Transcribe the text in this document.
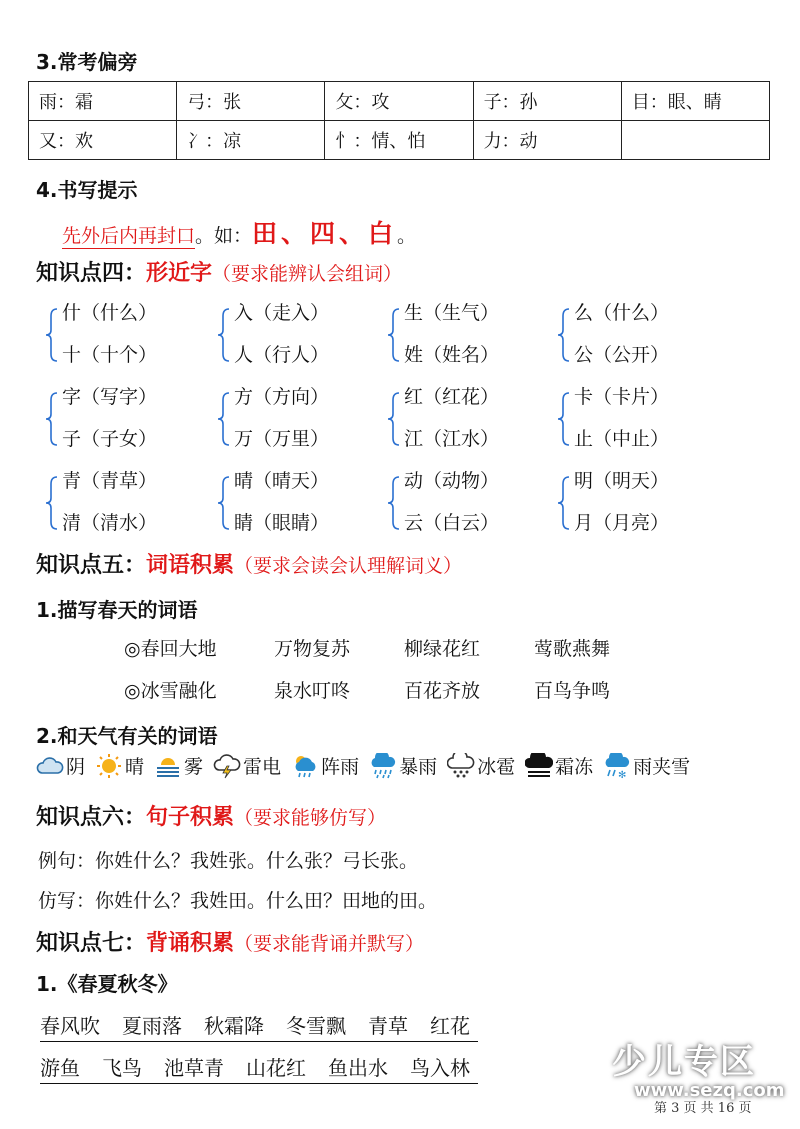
3.常考偏旁
雨：霜	弓：张	攵：攻	子：孙	目：眼、睛
又：欢	冫：凉	忄：情、怕	力：动	
4.书写提示
先外后内再封口 。如： 田、四、白 。
知识点四：形近字（要求能辨认会组词）
什（什么）
十（十个）
入（走入）
人（行人）
生（生气）
姓（姓名）
么（什么）
公（公开）
字（写字）
子（子女）
方（方向）
万（万里）
红（红花）
江（江水）
卡（卡片）
止（中止）
青（青草）
清（清水）
晴（晴天）
睛（眼睛）
动（动物）
云（白云）
明（明天）
月（月亮）
知识点五：词语积累（要求会读会认理解词义）
1.描写春天的词语
◎春回大地	万物复苏	柳绿花红	莺歌燕舞
◎冰雪融化	泉水叮咚	百花齐放	百鸟争鸣
2.和天气有关的词语
阴 晴 雾 雷电 阵雨 暴雨 冰雹 霜冻	✻ 雨夹雪
知识点六：句子积累（要求能够仿写）
例句：你姓什么？我姓张。什么张？弓长张。
仿写：你姓什么？我姓田。什么田？田地的田。
知识点七：背诵积累（要求能背诵并默写）
1.《春夏秋冬》
春风吹	夏雨落	秋霜降	冬雪飘	青草	红花
游鱼	飞鸟	池草青	山花红	鱼出水	鸟入林	少儿专区
www.sezq.com
第 3 页 共 16 页
